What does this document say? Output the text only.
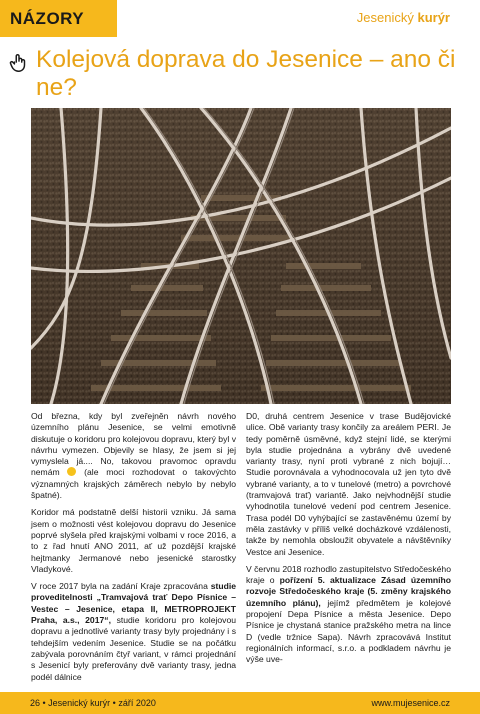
NÁZORY	Jesenický kurýr
Kolejová doprava do Jesenice – ano či ne?

Od března, kdy byl zveřejněn návrh nového územního plánu Jesenice, se velmi emotivně diskutuje o koridoru pro kolejovou dopravu, který byl v návrhu vymezen. Objevily se hlasy, že jsem si jej vymyslela já.... No, takovou pravomoc opravdu nemám	(ale moci rozhodovat o takovýchto významných krajských záměrech nebylo by nebylo špatné).

Koridor má podstatně delší historii vzniku. Já sama jsem o možnosti vést kolejovou dopravu do Jesenice poprvé slyšela před krajskými volbami v roce 2016, a to z řad hnutí ANO 2011, ať už pozdější krajské hejtmanky Jermanové nebo jesenické starostky Vladykové.

V roce 2017 byla na zadání Kraje zpracována studie proveditelnosti „Tramvajová trať Depo Písnice – Vestec – Jesenice, etapa II, METROPROJEKT Praha, a.s., 2017“, studie koridoru pro kolejovou dopravu a jednotlivé varianty trasy byly projednány i s tehdejším vedením Jesenice. Studie se na počátku zabývala porovnáním čtyř variant, v rámci projednání s Jesenicí byly preferovány dvě varianty trasy, jedna podél dálnice

D0, druhá centrem Jesenice v trase Budějovické ulice. Obě varianty trasy končily za areálem PERI. Je tedy poměrně úsměvné, když stejní lidé, se kterými byla studie projednána a vybrány dvě uvedené varianty trasy, nyní proti vybrané z nich bojují… Studie porovnávala a vyhodnocovala už jen tyto dvě vybrané varianty, a to v tunelové (metro) a povrchové (tramvajová trať) variantě. Jako nejvhodnější studie vyhodnotila tunelové vedení pod centrem Jesenice. Trasa podél D0 vyhýbající se zastavěnému území by měla zastávky v příliš velké docházkové vzdálenosti, takže by nemohla obsloužit obyvatele a návštěvníky Vestce ani Jesenice.

V červnu 2018 rozhodlo zastupitelstvo Středočeského kraje o pořízení 5. aktualizace Zásad územního rozvoje Středočeského kraje (5. změny krajského územního plánu), jejímž předmětem je kolejové propojení Depa Písnice a města Jesenice. Depo Písnice je chystaná stanice pražského metra na lince D (vedle tržnice Sapa). Návrh zpracovává Institut regionálních informací, s.r.o. a podkladem návrhu je výše uve-

26 • Jesenický kurýr • září 2020	www.mujesenice.cz
